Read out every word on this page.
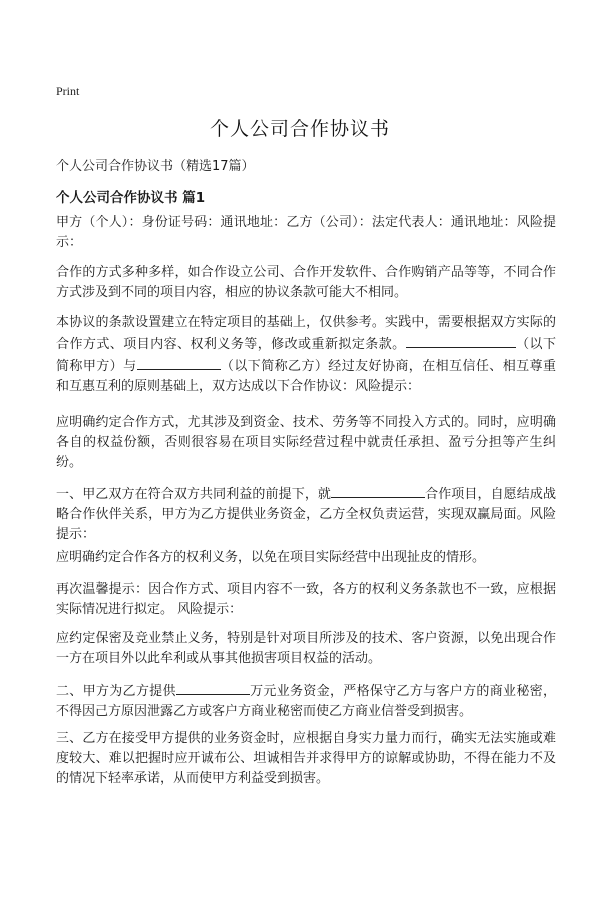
Print
个人公司合作协议书
个人公司合作协议书（精选17篇）
个人公司合作协议书 篇1

甲方（个人）：身份证号码：通讯地址：乙方（公司）：法定代表人：通讯地址：风险提示：

合作的方式多种多样，如合作设立公司、合作开发软件、合作购销产品等等，不同合作方式涉及到不同的项目内容，相应的协议条款可能大不相同。

本协议的条款设置建立在特定项目的基础上，仅供参考。实践中，需要根据双方实际的合作方式、项目内容、权利义务等，修改或重新拟定条款。	（以下简称甲方）与	（以下简称乙方）经过友好协商，在相互信任、相互尊重和互惠互利的原则基础上，双方达成以下合作协议：风险提示：

应明确约定合作方式，尤其涉及到资金、技术、劳务等不同投入方式的。同时，应明确各自的权益份额，否则很容易在项目实际经营过程中就责任承担、盈亏分担等产生纠纷。

一、甲乙双方在符合双方共同利益的前提下，就	合作项目，自愿结成战略合作伙伴关系，甲方为乙方提供业务资金，乙方全权负责运营，实现双赢局面。风险提示：

应明确约定合作各方的权利义务，以免在项目实际经营中出现扯皮的情形。

再次温馨提示：因合作方式、项目内容不一致，各方的权利义务条款也不一致，应根据实际情况进行拟定。 风险提示：

应约定保密及竞业禁止义务，特别是针对项目所涉及的技术、客户资源，以免出现合作一方在项目外以此牟利或从事其他损害项目权益的活动。

二、甲方为乙方提供	万元业务资金，严格保守乙方与客户方的商业秘密，不得因己方原因泄露乙方或客户方商业秘密而使乙方商业信誉受到损害。

三、乙方在接受甲方提供的业务资金时，应根据自身实力量力而行，确实无法实施或难度较大、难以把握时应开诚布公、坦诚相告并求得甲方的谅解或协助，不得在能力不及的情况下轻率承诺，从而使甲方利益受到损害。
